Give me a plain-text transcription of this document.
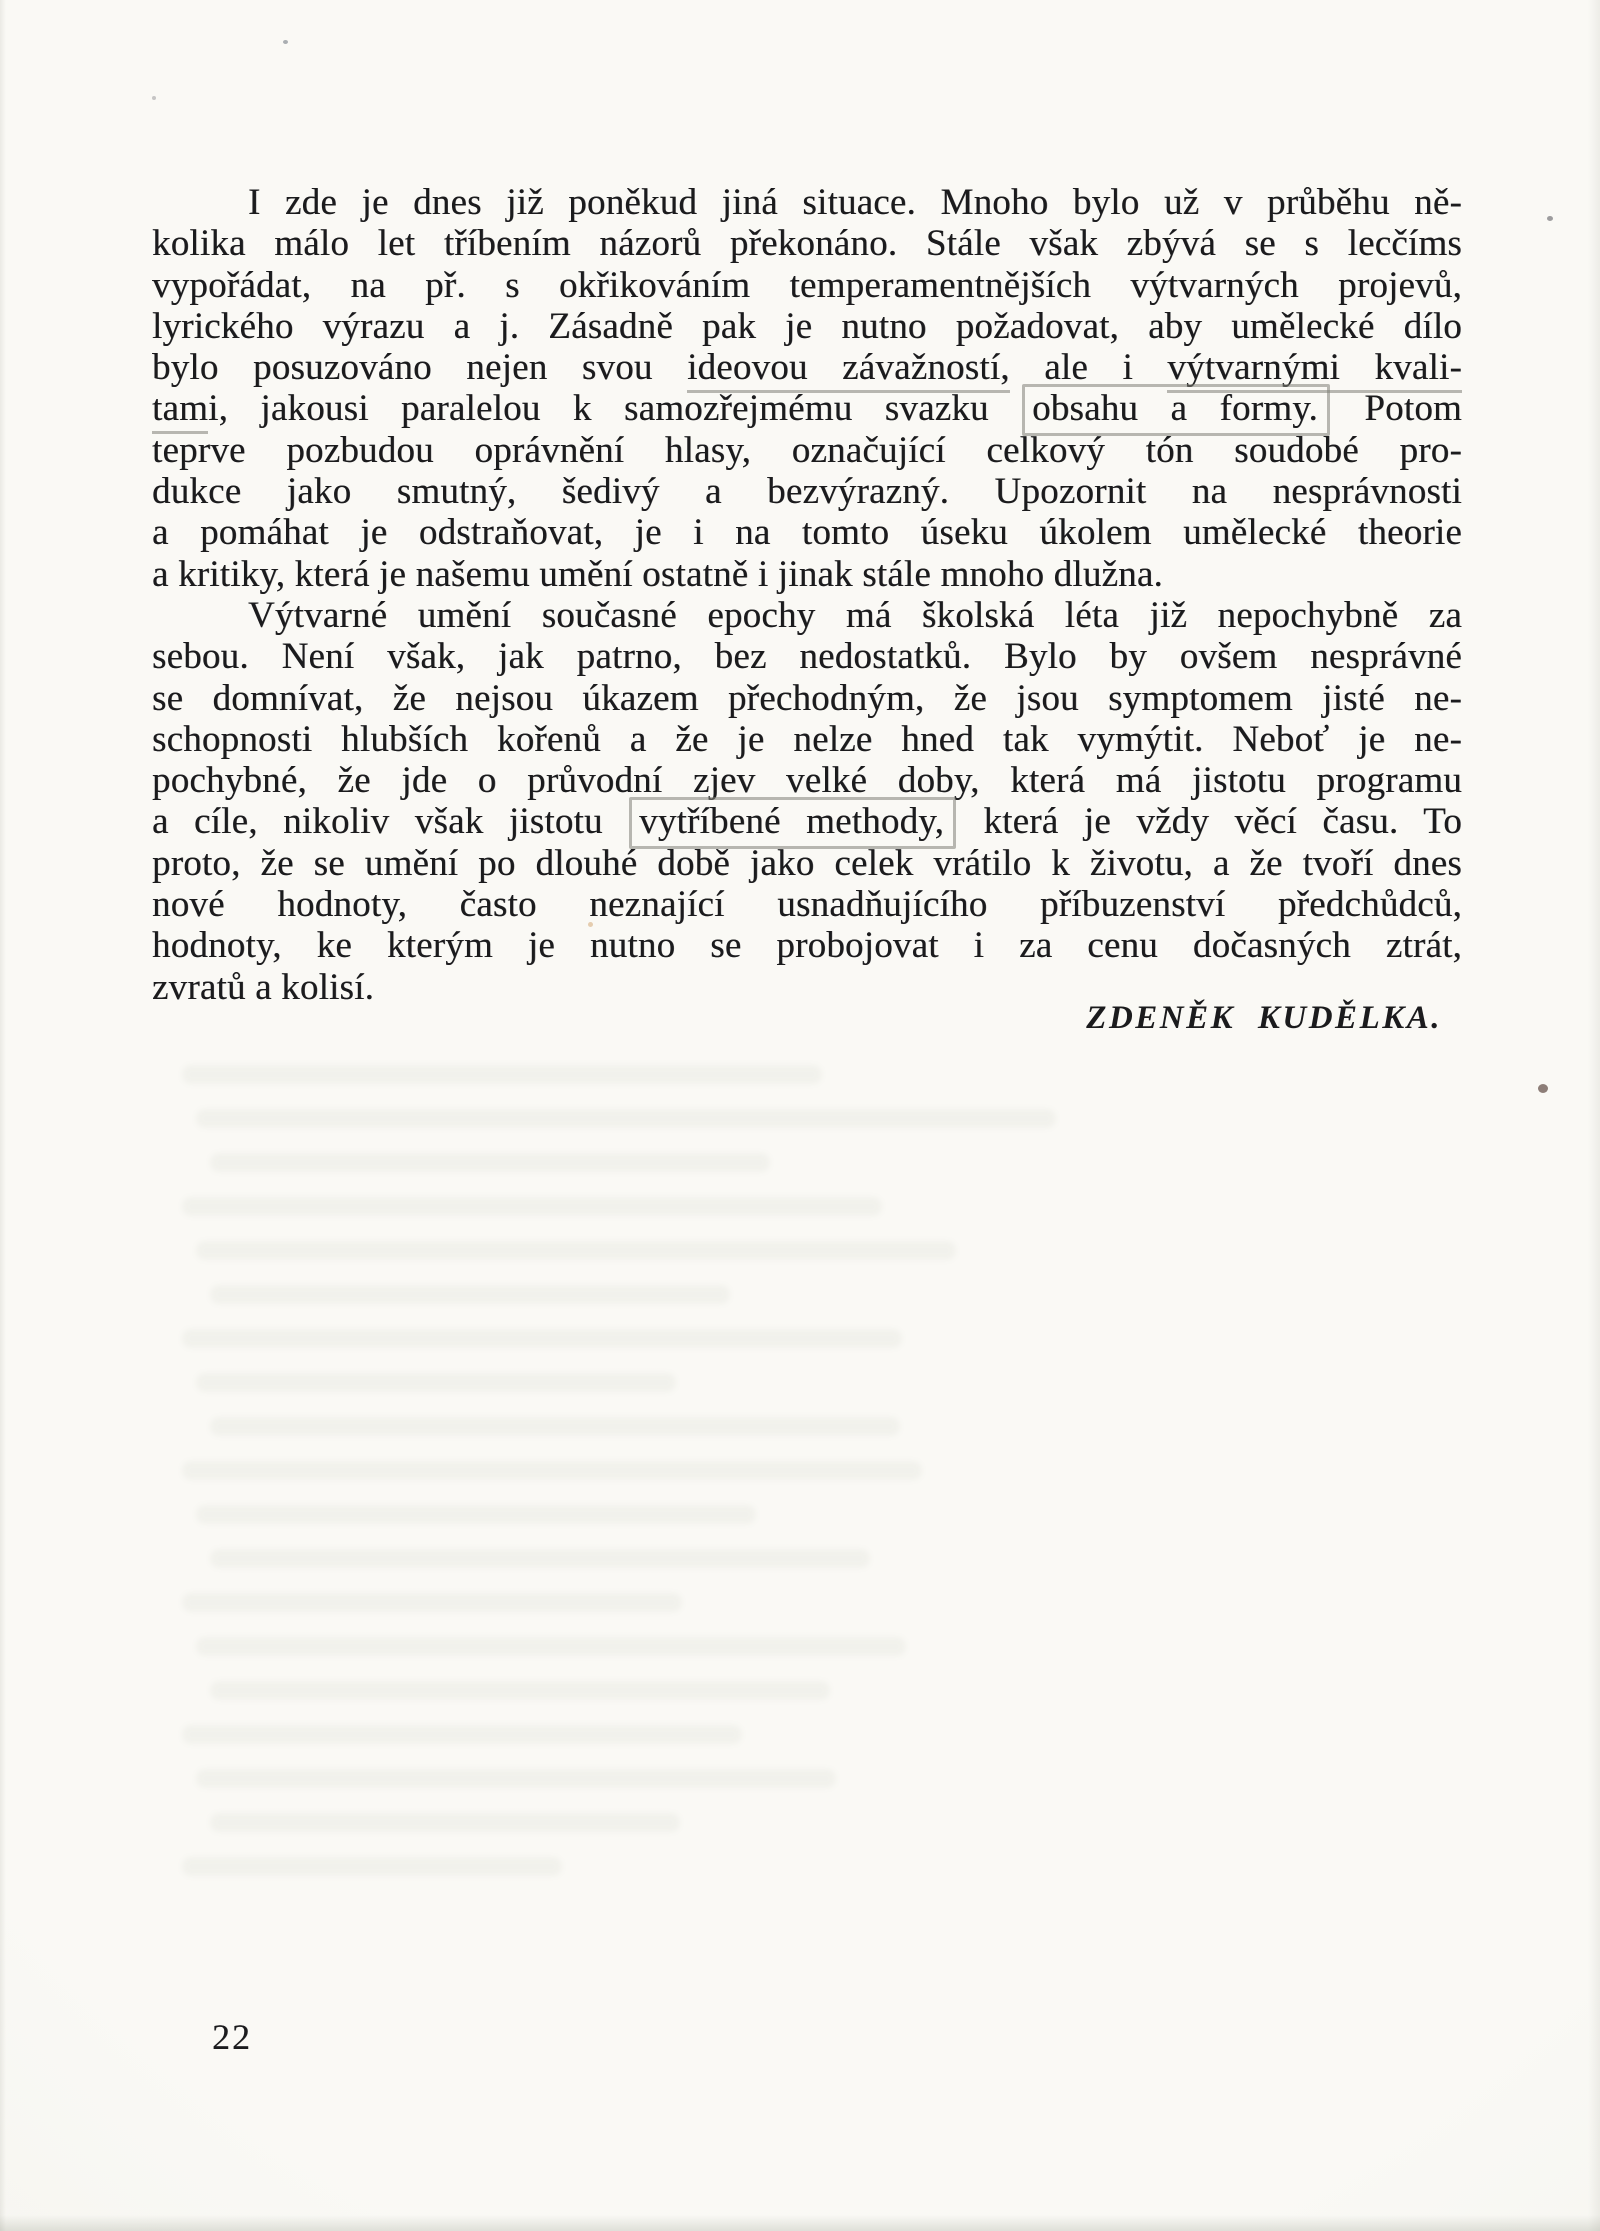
I zde je dnes již poněkud jiná situace. Mnoho bylo už v průběhu ně-
kolika málo let tříbením názorů překonáno. Stále však zbývá se s lecčíms
vypořádat, na př. s okřikováním temperamentnějších výtvarných projevů,
lyrického výrazu a j. Zásadně pak je nutno požadovat, aby umělecké dílo
bylo posuzováno nejen svou ideovou závažností, ale i výtvarnými kvali-
tami, jakousi paralelou k samozřejmému svazku obsahu a formy. Potom
teprve pozbudou oprávnění hlasy, označující celkový tón soudobé pro-
dukce jako smutný, šedivý a bezvýrazný. Upozornit na nesprávnosti
a pomáhat je odstraňovat, je i na tomto úseku úkolem umělecké theorie
a kritiky, která je našemu umění ostatně i jinak stále mnoho dlužna.
Výtvarné umění současné epochy má školská léta již nepochybně za
sebou. Není však, jak patrno, bez nedostatků. Bylo by ovšem nesprávné
se domnívat, že nejsou úkazem přechodným, že jsou symptomem jisté ne-
schopnosti hlubších kořenů a že je nelze hned tak vymýtit. Neboť je ne-
pochybné, že jde o průvodní zjev velké doby, která má jistotu programu
a cíle, nikoliv však jistotu vytříbené methody, která je vždy věcí času. To
proto, že se umění po dlouhé době jako celek vrátilo k životu, a že tvoří dnes
nové hodnoty, často neznající usnadňujícího příbuzenství předchůdců,
hodnoty, ke kterým je nutno se probojovat i za cenu dočasných ztrát,
zvratů a kolisí.
ZDENĚK KUDĚLKA.
22
